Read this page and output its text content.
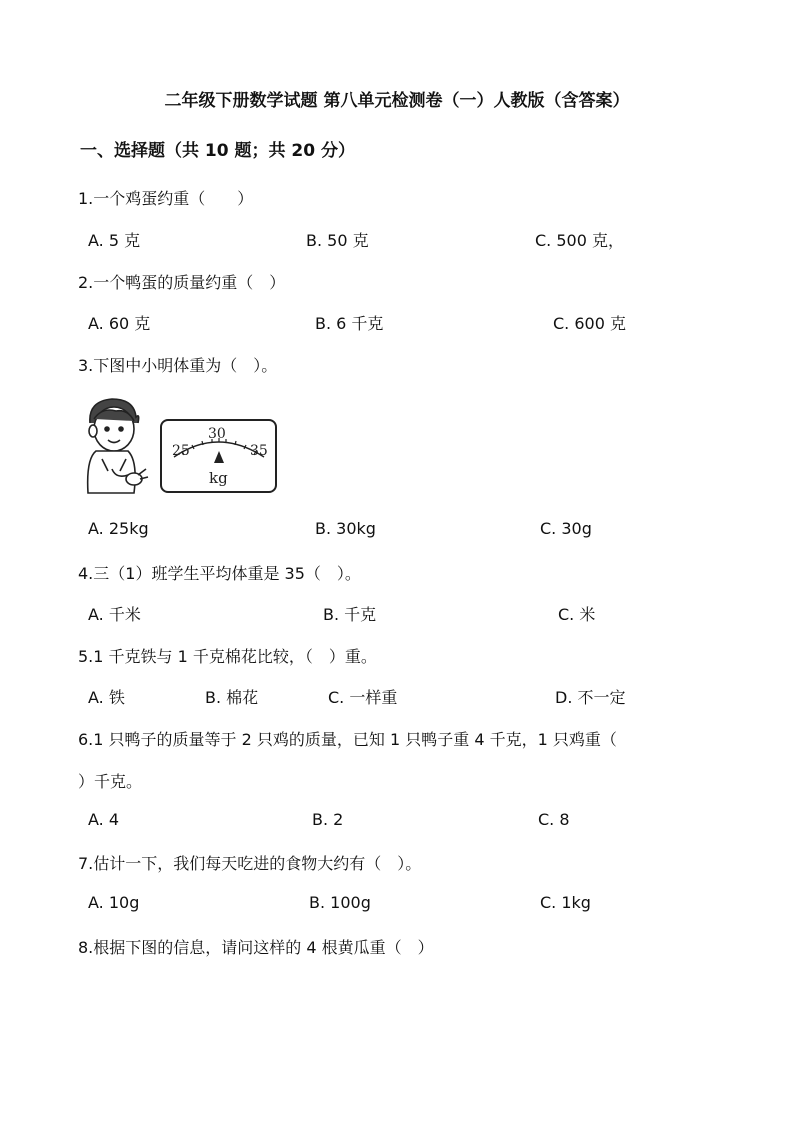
二年级下册数学试题 第八单元检测卷（一）人教版（含答案）
一、选择题（共 10 题；共 20 分）
1.一个鸡蛋约重（　　）
A. 5 克	B. 50 克	C. 500 克，
2.一个鸭蛋的质量约重（　）
A. 60 克	B. 6 千克	C. 600 克
3.下图中小明体重为（　）。
25
30
35
kg
A. 25kg	B. 30kg	C. 30g
4.三（1）班学生平均体重是 35（　）。
A. 千米	B. 千克	C. 米
5.1 千克铁与 1 千克棉花比较，（　）重。
A. 铁	B. 棉花	C. 一样重	D. 不一定
6.1 只鸭子的质量等于 2 只鸡的质量，已知 1 只鸭子重 4 千克，1 只鸡重（
）千克。
A. 4	B. 2	C. 8
7.估计一下，我们每天吃进的食物大约有（　）。
A. 10g	B. 100g	C. 1kg
8.根据下图的信息，请问这样的 4 根黄瓜重（　）
